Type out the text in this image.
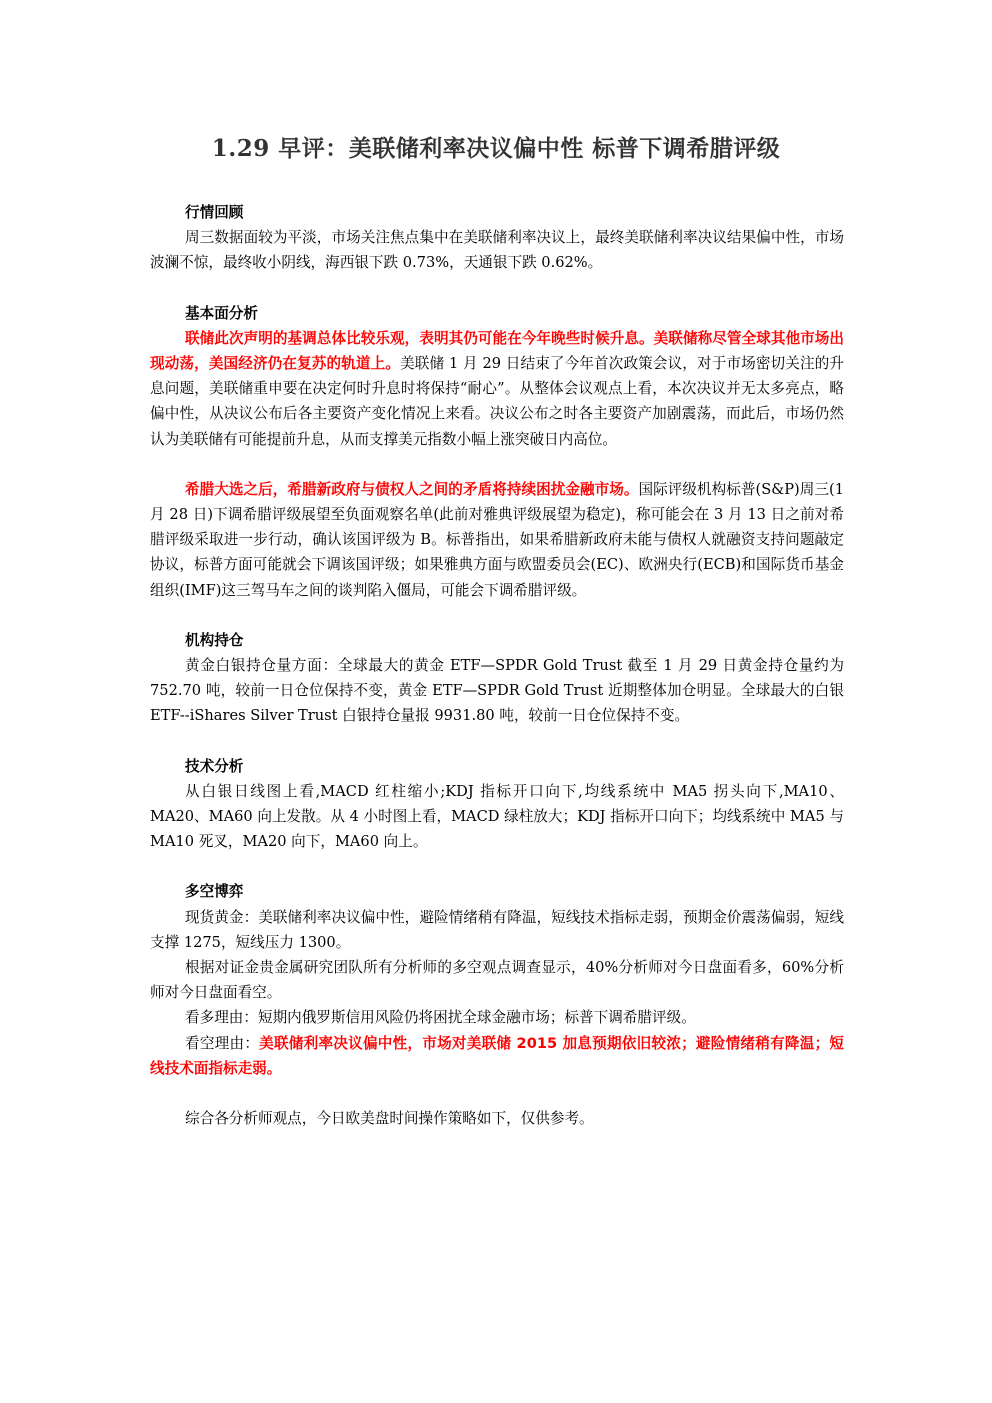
1.29 早评：美联储利率决议偏中性 标普下调希腊评级

行情回顾

周三数据面较为平淡，市场关注焦点集中在美联储利率决议上，最终美联储利率决议结果偏中性，市场波澜不惊，最终收小阴线，海西银下跌 0.73%，天通银下跌 0.62%。

基本面分析

联储此次声明的基调总体比较乐观，表明其仍可能在今年晚些时候升息。美联储称尽管全球其他市场出现动荡，美国经济仍在复苏的轨道上。美联储 1 月 29 日结束了今年首次政策会议，对于市场密切关注的升息问题，美联储重申要在决定何时升息时将保持“耐心”。从整体会议观点上看，本次决议并无太多亮点，略偏中性，从决议公布后各主要资产变化情况上来看。决议公布之时各主要资产加剧震荡，而此后，市场仍然认为美联储有可能提前升息，从而支撑美元指数小幅上涨突破日内高位。

希腊大选之后，希腊新政府与债权人之间的矛盾将持续困扰金融市场。国际评级机构标普(S&P)周三(1 月 28 日)下调希腊评级展望至负面观察名单(此前对雅典评级展望为稳定)，称可能会在 3 月 13 日之前对希腊评级采取进一步行动，确认该国评级为 B。标普指出，如果希腊新政府未能与债权人就融资支持问题敲定协议，标普方面可能就会下调该国评级；如果雅典方面与欧盟委员会(EC)、欧洲央行(ECB)和国际货币基金组织(IMF)这三驾马车之间的谈判陷入僵局，可能会下调希腊评级。

机构持仓

黄金白银持仓量方面：全球最大的黄金 ETF—SPDR Gold Trust 截至 1 月 29 日黄金持仓量约为 752.70 吨，较前一日仓位保持不变，黄金 ETF—SPDR Gold Trust 近期整体加仓明显。全球最大的白银 ETF--iShares Silver Trust 白银持仓量报 9931.80 吨，较前一日仓位保持不变。

技术分析

从白银日线图上看,MACD 红柱缩小;KDJ 指标开口向下,均线系统中 MA5 拐头向下,MA10、MA20、MA60 向上发散。从 4 小时图上看，MACD 绿柱放大；KDJ 指标开口向下；均线系统中 MA5 与 MA10 死叉，MA20 向下，MA60 向上。

多空博弈

现货黄金：美联储利率决议偏中性，避险情绪稍有降温，短线技术指标走弱，预期金价震荡偏弱，短线支撑 1275，短线压力 1300。

根据对证金贵金属研究团队所有分析师的多空观点调查显示，40%分析师对今日盘面看多，60%分析师对今日盘面看空。

看多理由：短期内俄罗斯信用风险仍将困扰全球金融市场；标普下调希腊评级。

看空理由：美联储利率决议偏中性，市场对美联储 2015 加息预期依旧较浓；避险情绪稍有降温；短线技术面指标走弱。

综合各分析师观点，今日欧美盘时间操作策略如下，仅供参考。
